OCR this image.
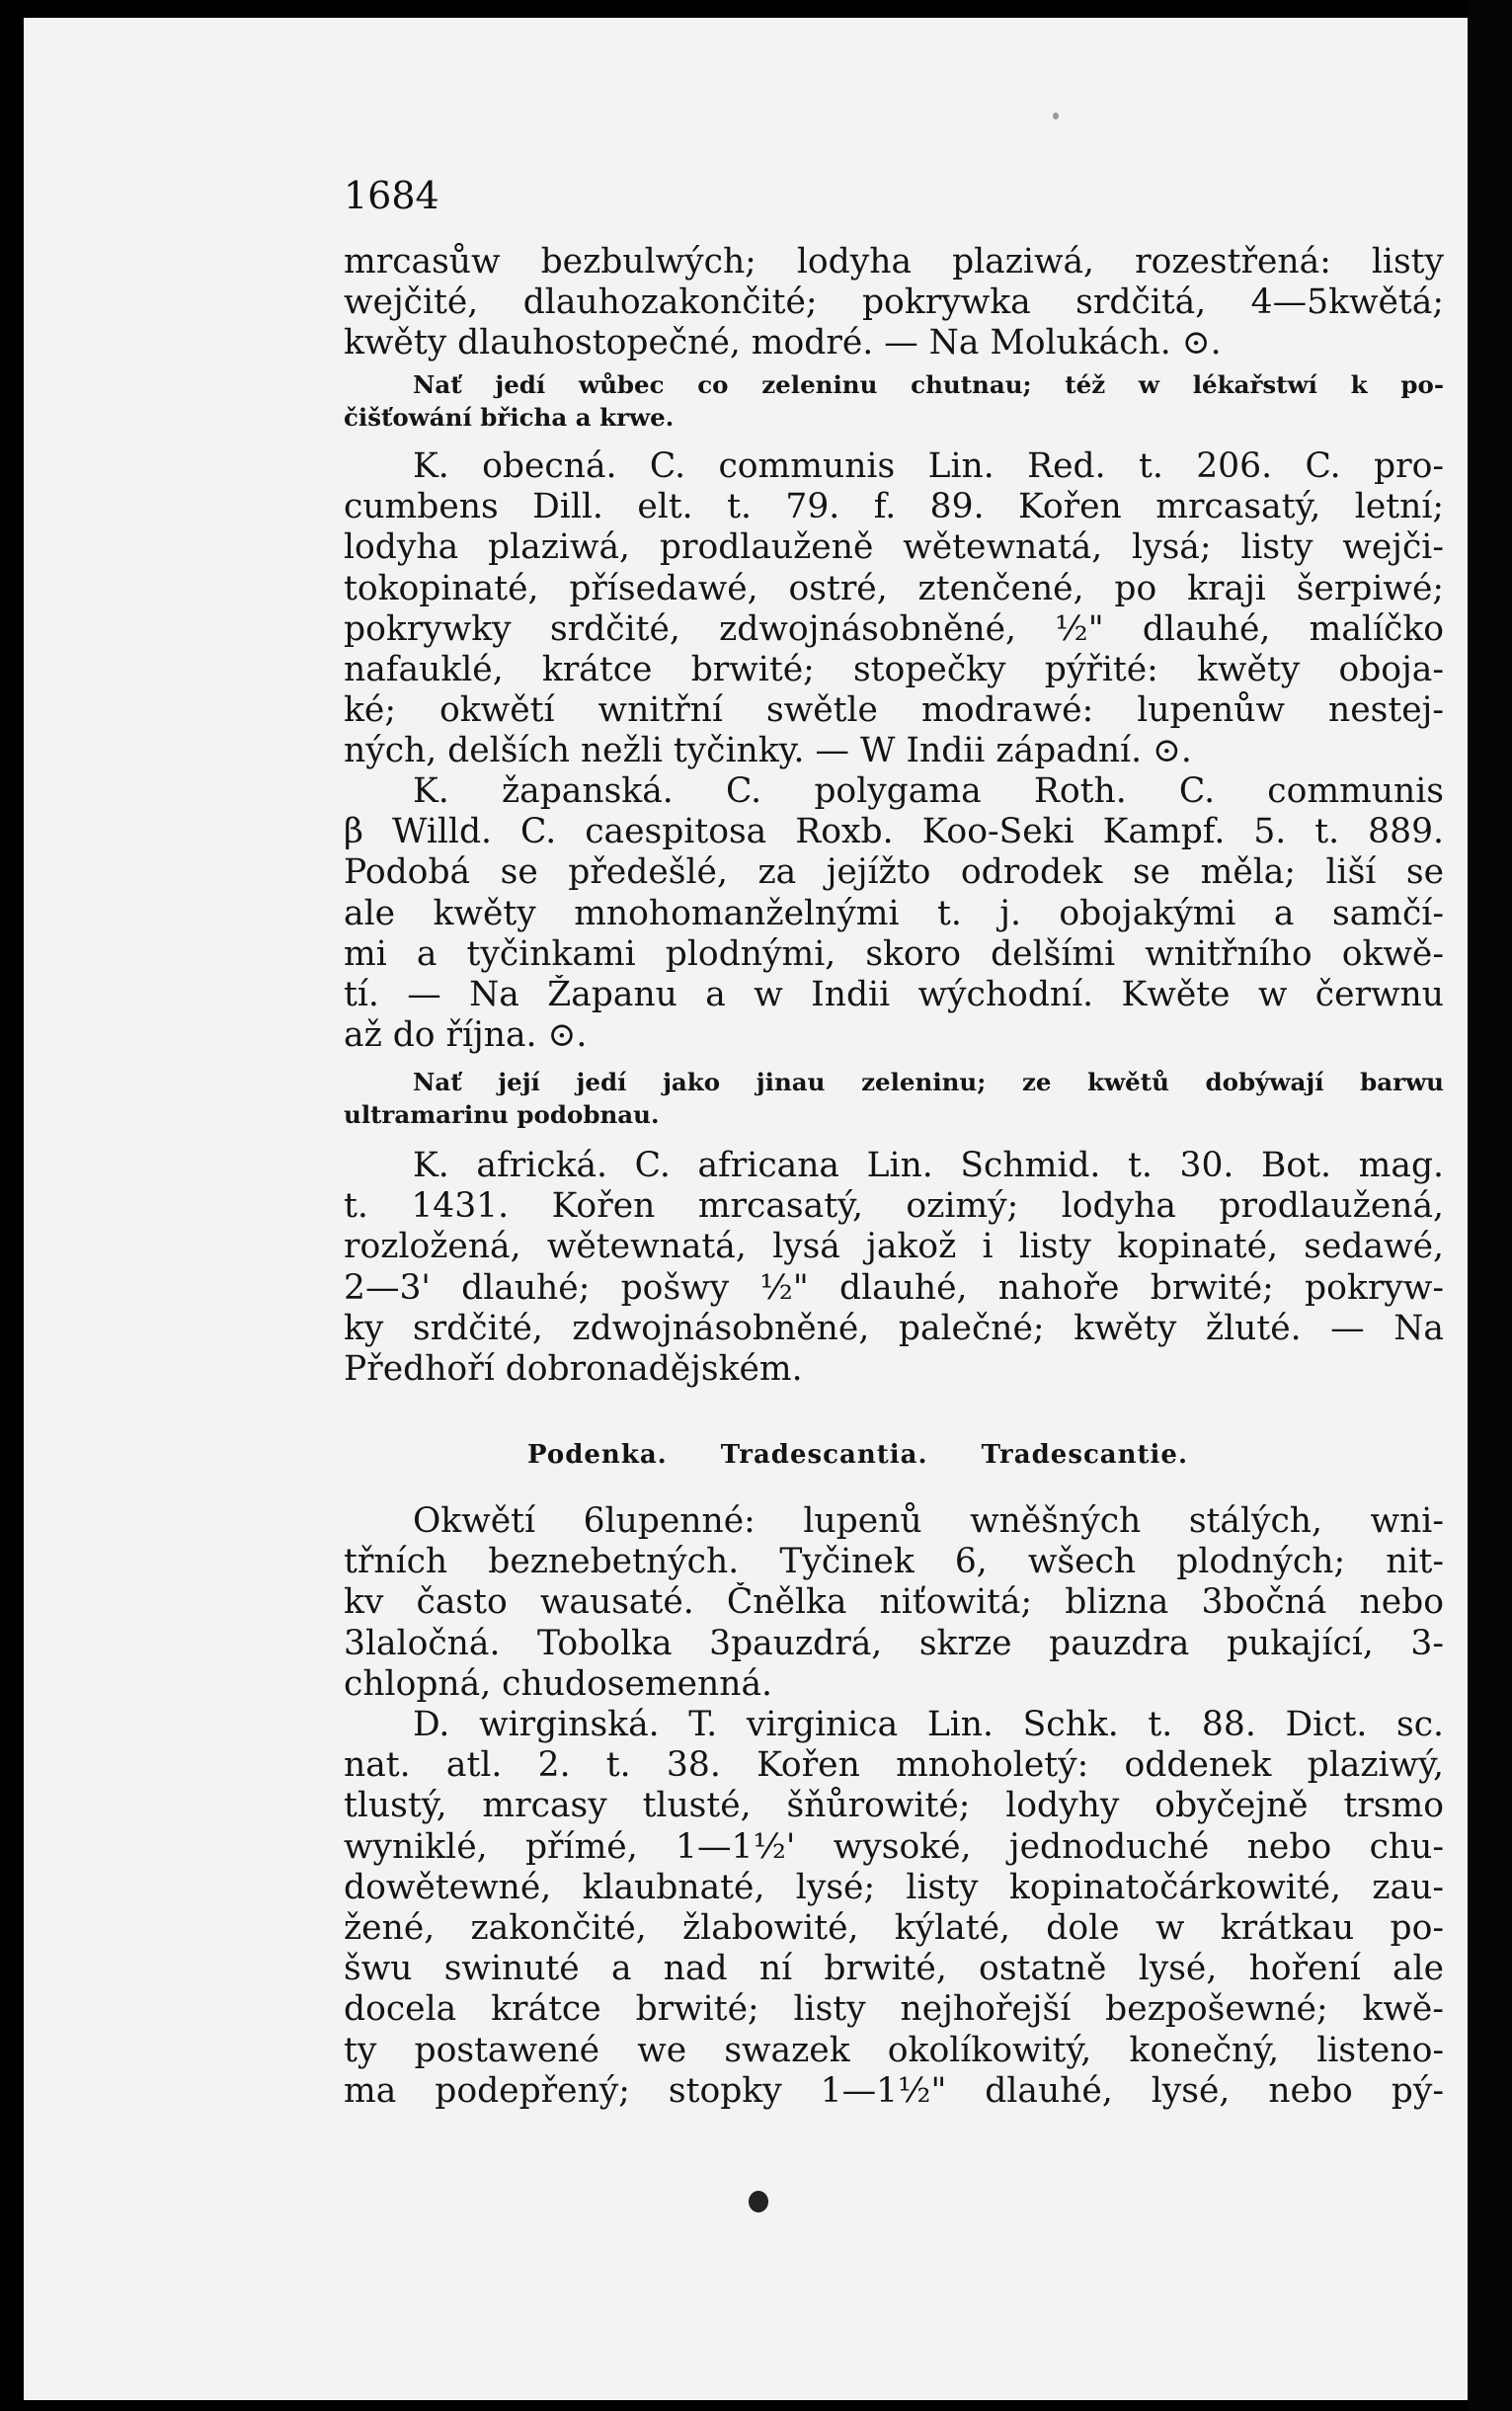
1684
mrcasůw bezbulwých; lodyha plaziwá, rozestřená: listy
wejčité, dlauhozakončité; pokrywka srdčitá, 4—5kwětá;
kwěty dlauhostopečné, modré. — Na Molukách. ⊙.
Nať jedí wůbec co zeleninu chutnau; též w lékařstwí k po-
čišťowání břicha a krwe.
K. obecná. C. communis Lin. Red. t. 206. C. pro-
cumbens Dill. elt. t. 79. f. 89. Kořen mrcasatý, letní;
lodyha plaziwá, prodlauženě wětewnatá, lysá; listy wejči-
tokopinaté, přísedawé, ostré, ztenčené, po kraji šerpiwé;
pokrywky srdčité, zdwojnásobněné, ½" dlauhé, malíčko
nafauklé, krátce brwité; stopečky pýřité: kwěty oboja-
ké; okwětí wnitřní swětle modrawé: lupenůw nestej-
ných, delších nežli tyčinky. — W Indii západní. ⊙.
K. žapanská. C. polygama Roth. C. communis
β Willd. C. caespitosa Roxb. Koo-Seki Kampf. 5. t. 889.
Podobá se předešlé, za jejížto odrodek se měla; liší se
ale kwěty mnohomanželnými t. j. obojakými a samčí-
mi a tyčinkami plodnými, skoro delšími wnitřního okwě-
tí. — Na Žapanu a w Indii wýchodní. Kwěte w čerwnu
až do října. ⊙.
Nať její jedí jako jinau zeleninu; ze kwětů dobýwají barwu
ultramarinu podobnau.
K. africká. C. africana Lin. Schmid. t. 30. Bot. mag.
t. 1431. Kořen mrcasatý, ozimý; lodyha prodlaužená,
rozložená, wětewnatá, lysá jakož i listy kopinaté, sedawé,
2—3' dlauhé; pošwy ½" dlauhé, nahoře brwité; pokryw-
ky srdčité, zdwojnásobněné, palečné; kwěty žluté. — Na
Předhoří dobronadějském.
Podenka. Tradescantia. Tradescantie.
Okwětí 6lupenné: lupenů wněšných stálých, wni-
třních beznebetných. Tyčinek 6, wšech plodných; nit-
kv často wausaté. Čnělka niťowitá; blizna 3bočná nebo
3laločná. Tobolka 3pauzdrá, skrze pauzdra pukající, 3-
chlopná, chudosemenná.
D. wirginská. T. virginica Lin. Schk. t. 88. Dict. sc.
nat. atl. 2. t. 38. Kořen mnoholetý: oddenek plaziwý,
tlustý, mrcasy tlusté, šňůrowité; lodyhy obyčejně trsmo
wyniklé, přímé, 1—1½' wysoké, jednoduché nebo chu-
dowětewné, klaubnaté, lysé; listy kopinatočárkowité, zau-
žené, zakončité, žlabowité, kýlaté, dole w krátkau po-
šwu swinuté a nad ní brwité, ostatně lysé, hoření ale
docela krátce brwité; listy nejhořejší bezpošewné; kwě-
ty postawené we swazek okolíkowitý, konečný, listeno-
ma podepřený; stopky 1—1½" dlauhé, lysé, nebo pý-
